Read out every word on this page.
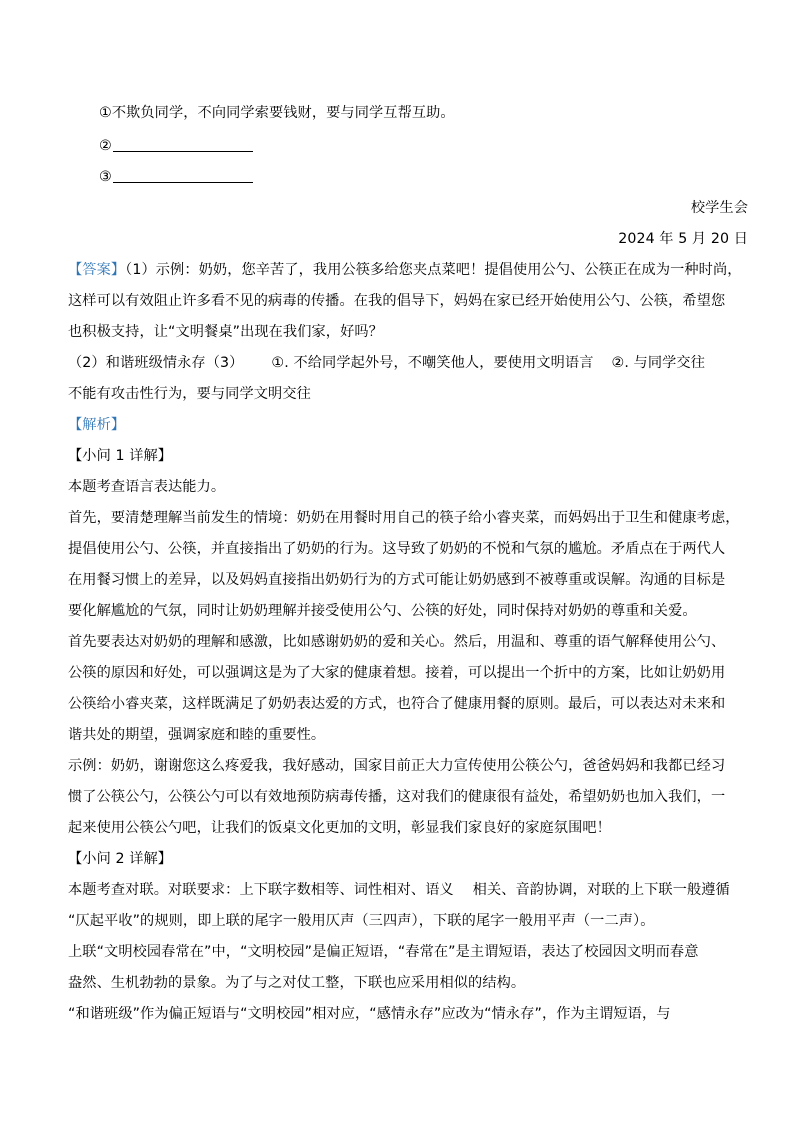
①不欺负同学，不向同学索要钱财，要与同学互帮互助。
②
③
校学生会
2024 年 5 月 20 日
【答案】（1）示例：奶奶，您辛苦了，我用公筷多给您夹点菜吧！提倡使用公勺、公筷正在成为一种时尚，
这样可以有效阻止许多看不见的病毒的传播。在我的倡导下，妈妈在家已经开始使用公勺、公筷，希望您
也积极支持，让“文明餐桌”出现在我们家，好吗？
（2）和谐班级情永存（3） ①. 不给同学起外号，不嘲笑他人，要使用文明语言 ②. 与同学交往
不能有攻击性行为，要与同学文明交往
【解析】
【小问 1 详解】
本题考查语言表达能力。
首先，要清楚理解当前发生的情境：奶奶在用餐时用自己的筷子给小睿夹菜，而妈妈出于卫生和健康考虑，
提倡使用公勺、公筷，并直接指出了奶奶的行为。这导致了奶奶的不悦和气氛的尴尬。矛盾点在于两代人
在用餐习惯上的差异，以及妈妈直接指出奶奶行为的方式可能让奶奶感到不被尊重或误解。沟通的目标是
要化解尴尬的气氛，同时让奶奶理解并接受使用公勺、公筷的好处，同时保持对奶奶的尊重和关爱。
首先要表达对奶奶的理解和感激，比如感谢奶奶的爱和关心。然后，用温和、尊重的语气解释使用公勺、
公筷的原因和好处，可以强调这是为了大家的健康着想。接着，可以提出一个折中的方案，比如让奶奶用
公筷给小睿夹菜，这样既满足了奶奶表达爱的方式，也符合了健康用餐的原则。最后，可以表达对未来和
谐共处的期望，强调家庭和睦的重要性。
示例：奶奶，谢谢您这么疼爱我，我好感动，国家目前正大力宣传使用公筷公勺，爸爸妈妈和我都已经习
惯了公筷公勺，公筷公勺可以有效地预防病毒传播，这对我们的健康很有益处，希望奶奶也加入我们，一
起来使用公筷公勺吧，让我们的饭桌文化更加的文明，彰显我们家良好的家庭氛围吧！
【小问 2 详解】
本题考查对联。对联要求：上下联字数相等、词性相对、语义　 相关、音韵协调，对联的上下联一般遵循
“仄起平收”的规则，即上联的尾字一般用仄声（三四声），下联的尾字一般用平声（一二声）。
上联“文明校园春常在”中，“文明校园”是偏正短语，“春常在”是主谓短语，表达了校园因文明而春意
盎然、生机勃勃的景象。为了与之对仗工整，下联也应采用相似的结构。
“和谐班级”作为偏正短语与“文明校园”相对应，“感情永存”应改为“情永存”，作为主谓短语，与
